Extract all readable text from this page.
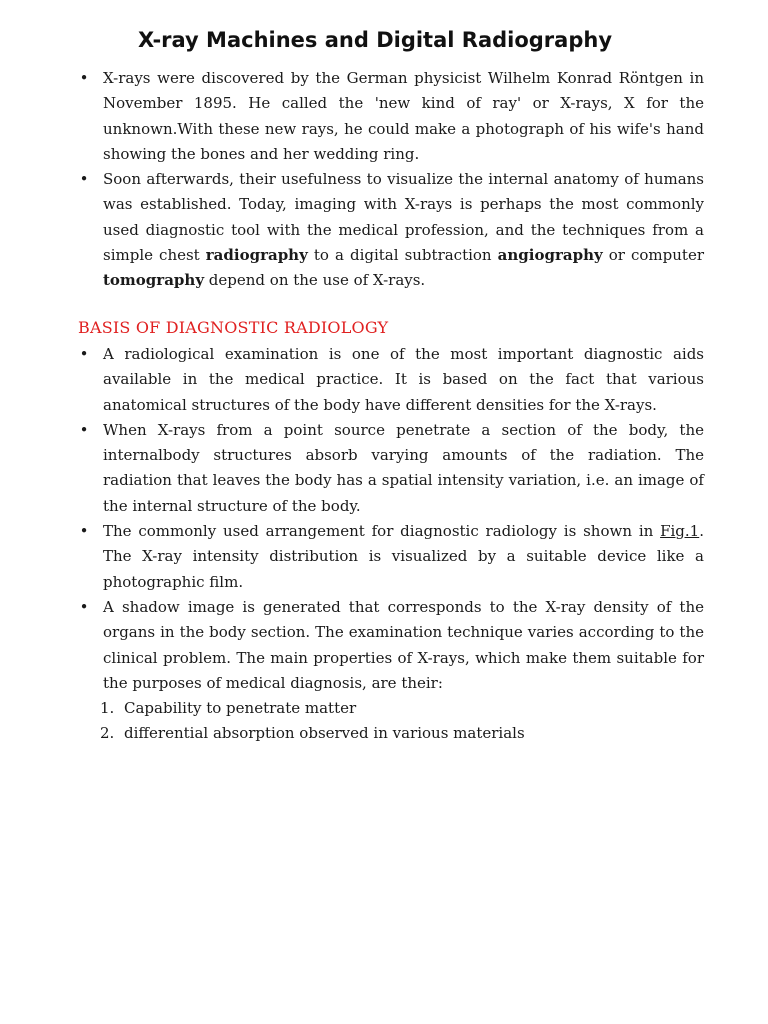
X-ray Machines and Digital Radiography
• X-rays were discovered by the German physicist Wilhelm Konrad Röntgen in November 1895. He called the 'new kind of ray' or X-rays, X for the unknown.With these new rays, he could make a photograph of his wife's hand showing the bones and her wedding ring.
• Soon afterwards, their usefulness to visualize the internal anatomy of humans was established. Today, imaging with X-rays is perhaps the most commonly used diagnostic tool with the medical profession, and the techniques from a simple chest radiography to a digital subtraction angiography or computer tomography depend on the use of X-rays.
BASIS OF DIAGNOSTIC RADIOLOGY
• A radiological examination is one of the most important diagnostic aids available in the medical practice. It is based on the fact that various anatomical structures of the body have different densities for the X-rays.
• When X-rays from a point source penetrate a section of the body, the internalbody structures absorb varying amounts of the radiation. The radiation that leaves the body has a spatial intensity variation, i.e. an image of the internal structure of the body.
• The commonly used arrangement for diagnostic radiology is shown in Fig.1. The X-ray intensity distribution is visualized by a suitable device like a photographic film.
• A shadow image is generated that corresponds to the X-ray density of the organs in the body section. The examination technique varies according to the clinical problem. The main properties of X-rays, which make them suitable for the purposes of medical diagnosis, are their:
1. Capability to penetrate matter
2. differential absorption observed in various materials
